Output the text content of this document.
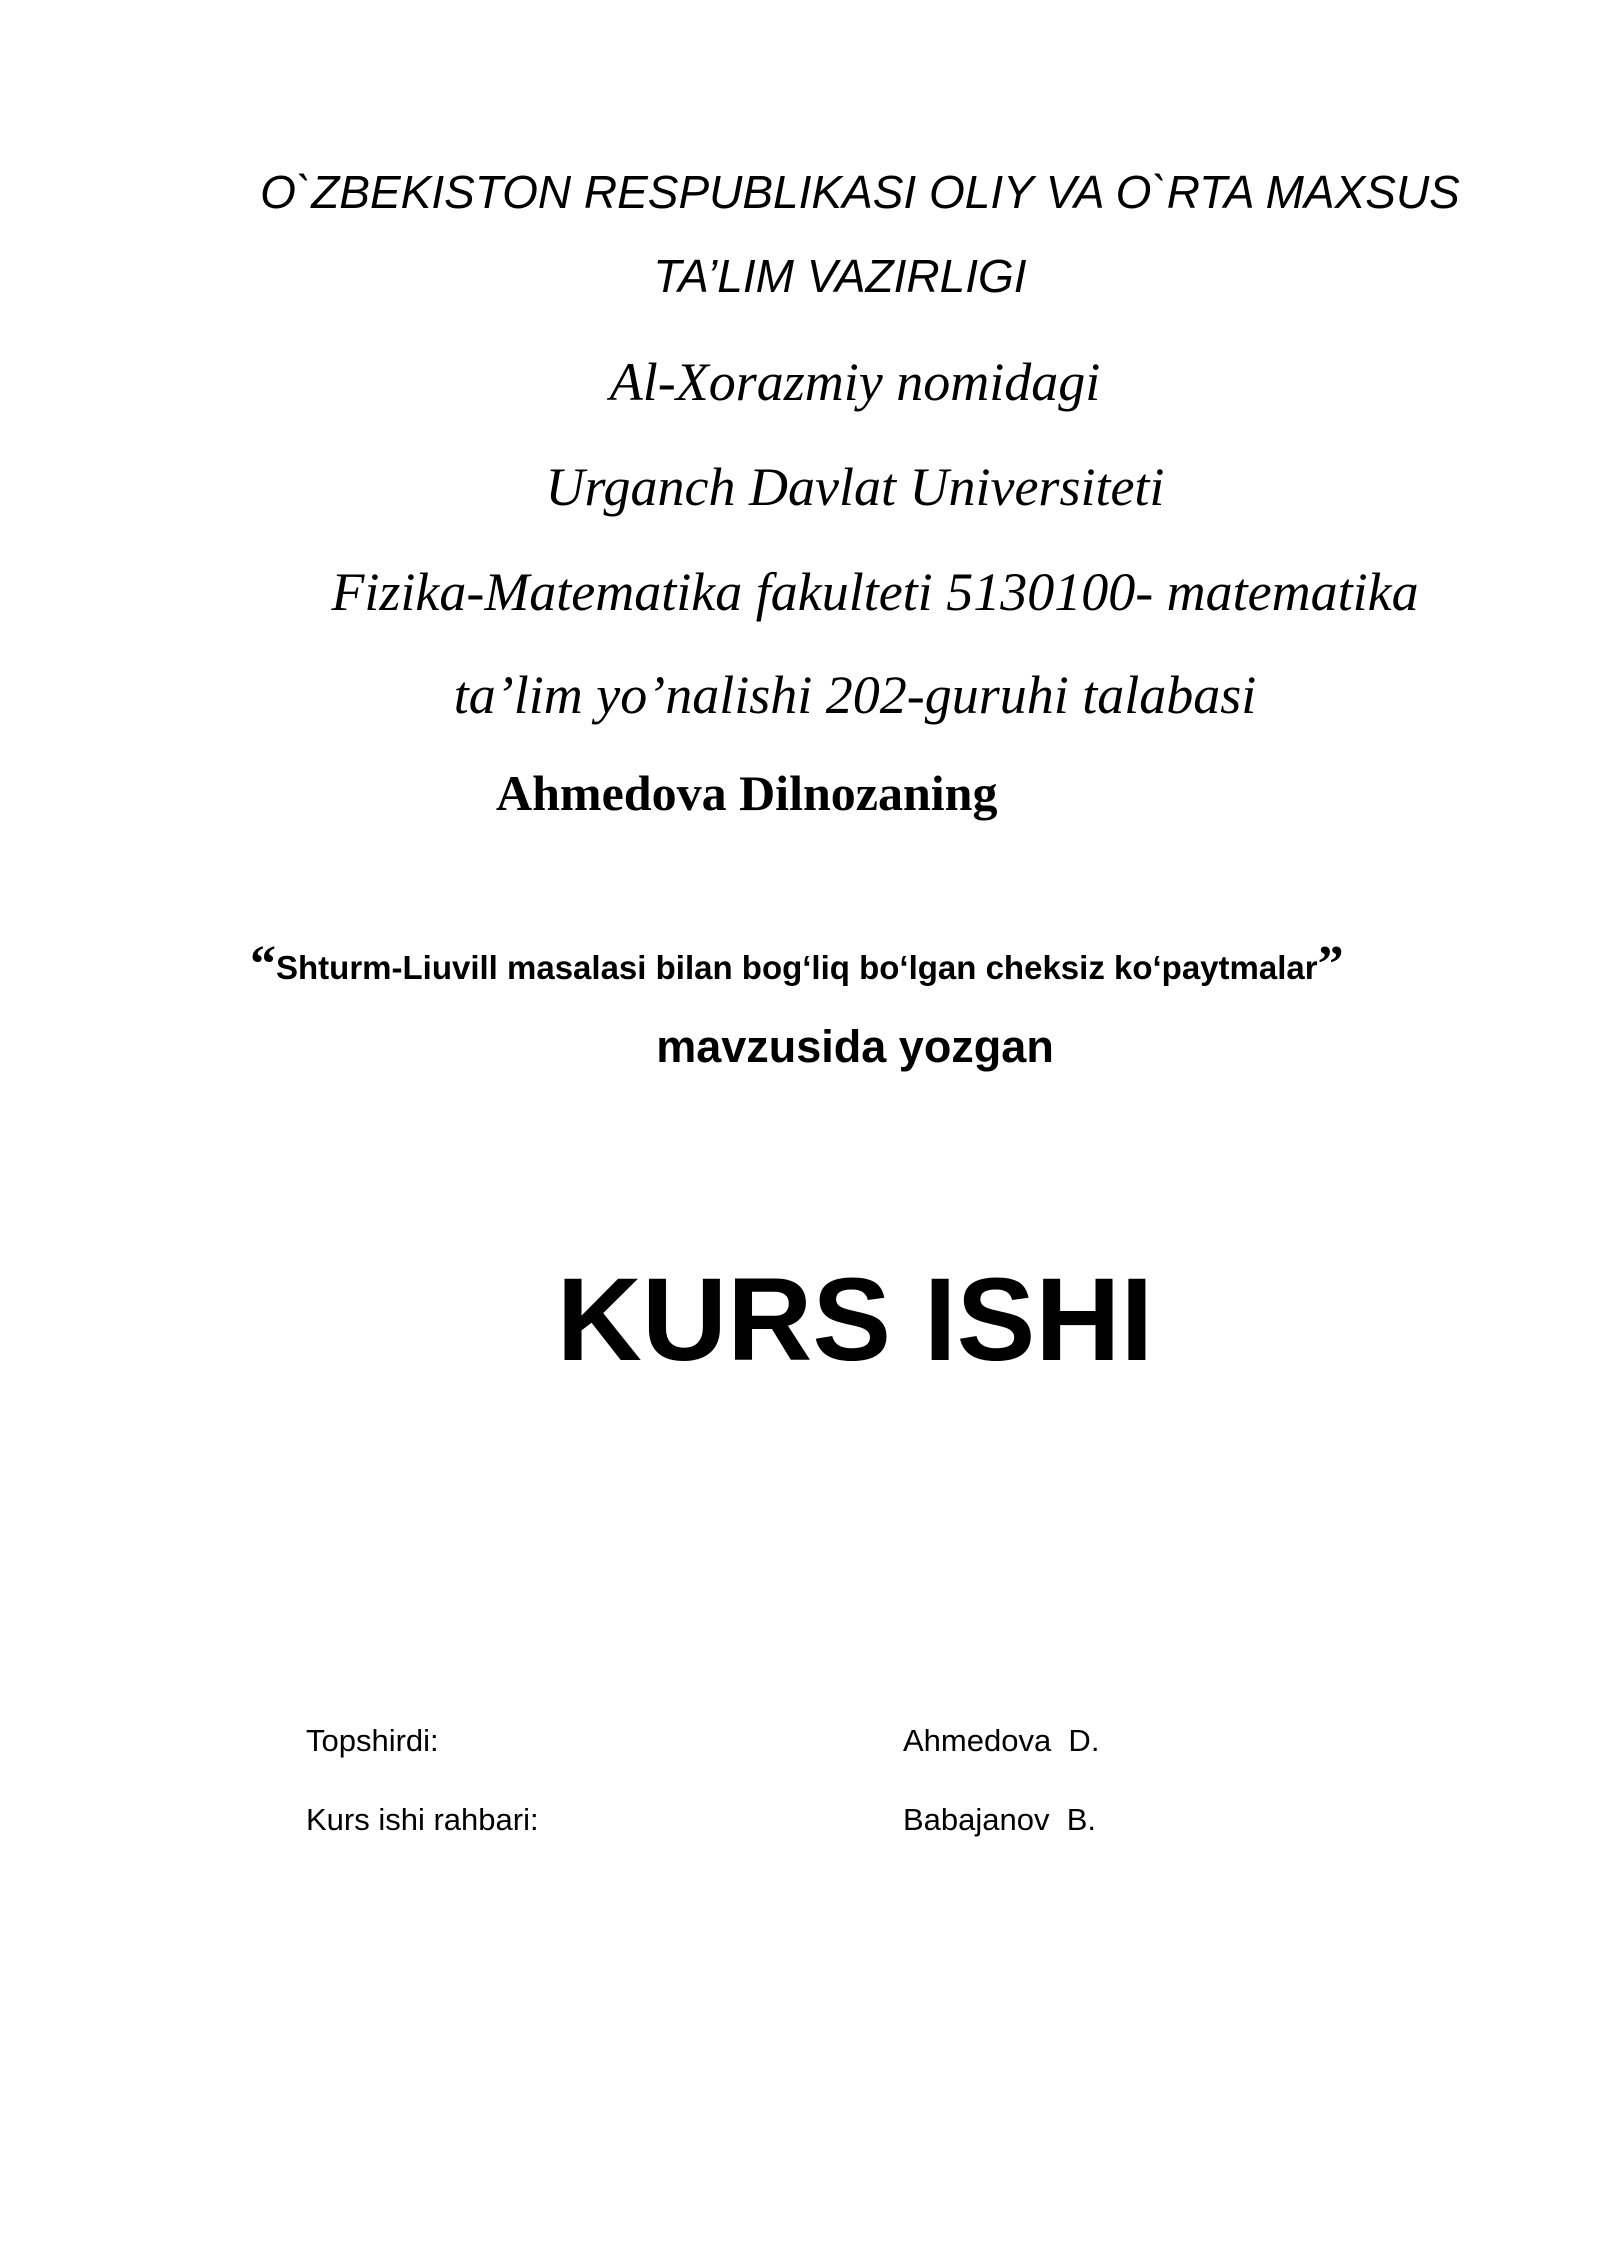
O`ZBEKISTON RESPUBLIKASI OLIY VA O`RTA MAXSUS
TA’LIM VAZIRLIGI
Al-Xorazmiy nomidagi
Urganch Davlat Universiteti
Fizika-Matematika fakulteti 5130100- matematika
ta’lim yo’nalishi 202-guruhi talabasi
Ahmedova Dilnozaning
“Shturm-Liuvill masalasi bilan bog‘liq bo‘lgan cheksiz ko‘paytmalar”
mavzusida yozgan
KURS ISHI
Topshirdi:	Ahmedova  D.
Kurs ishi rahbari:	Babajanov  B.
